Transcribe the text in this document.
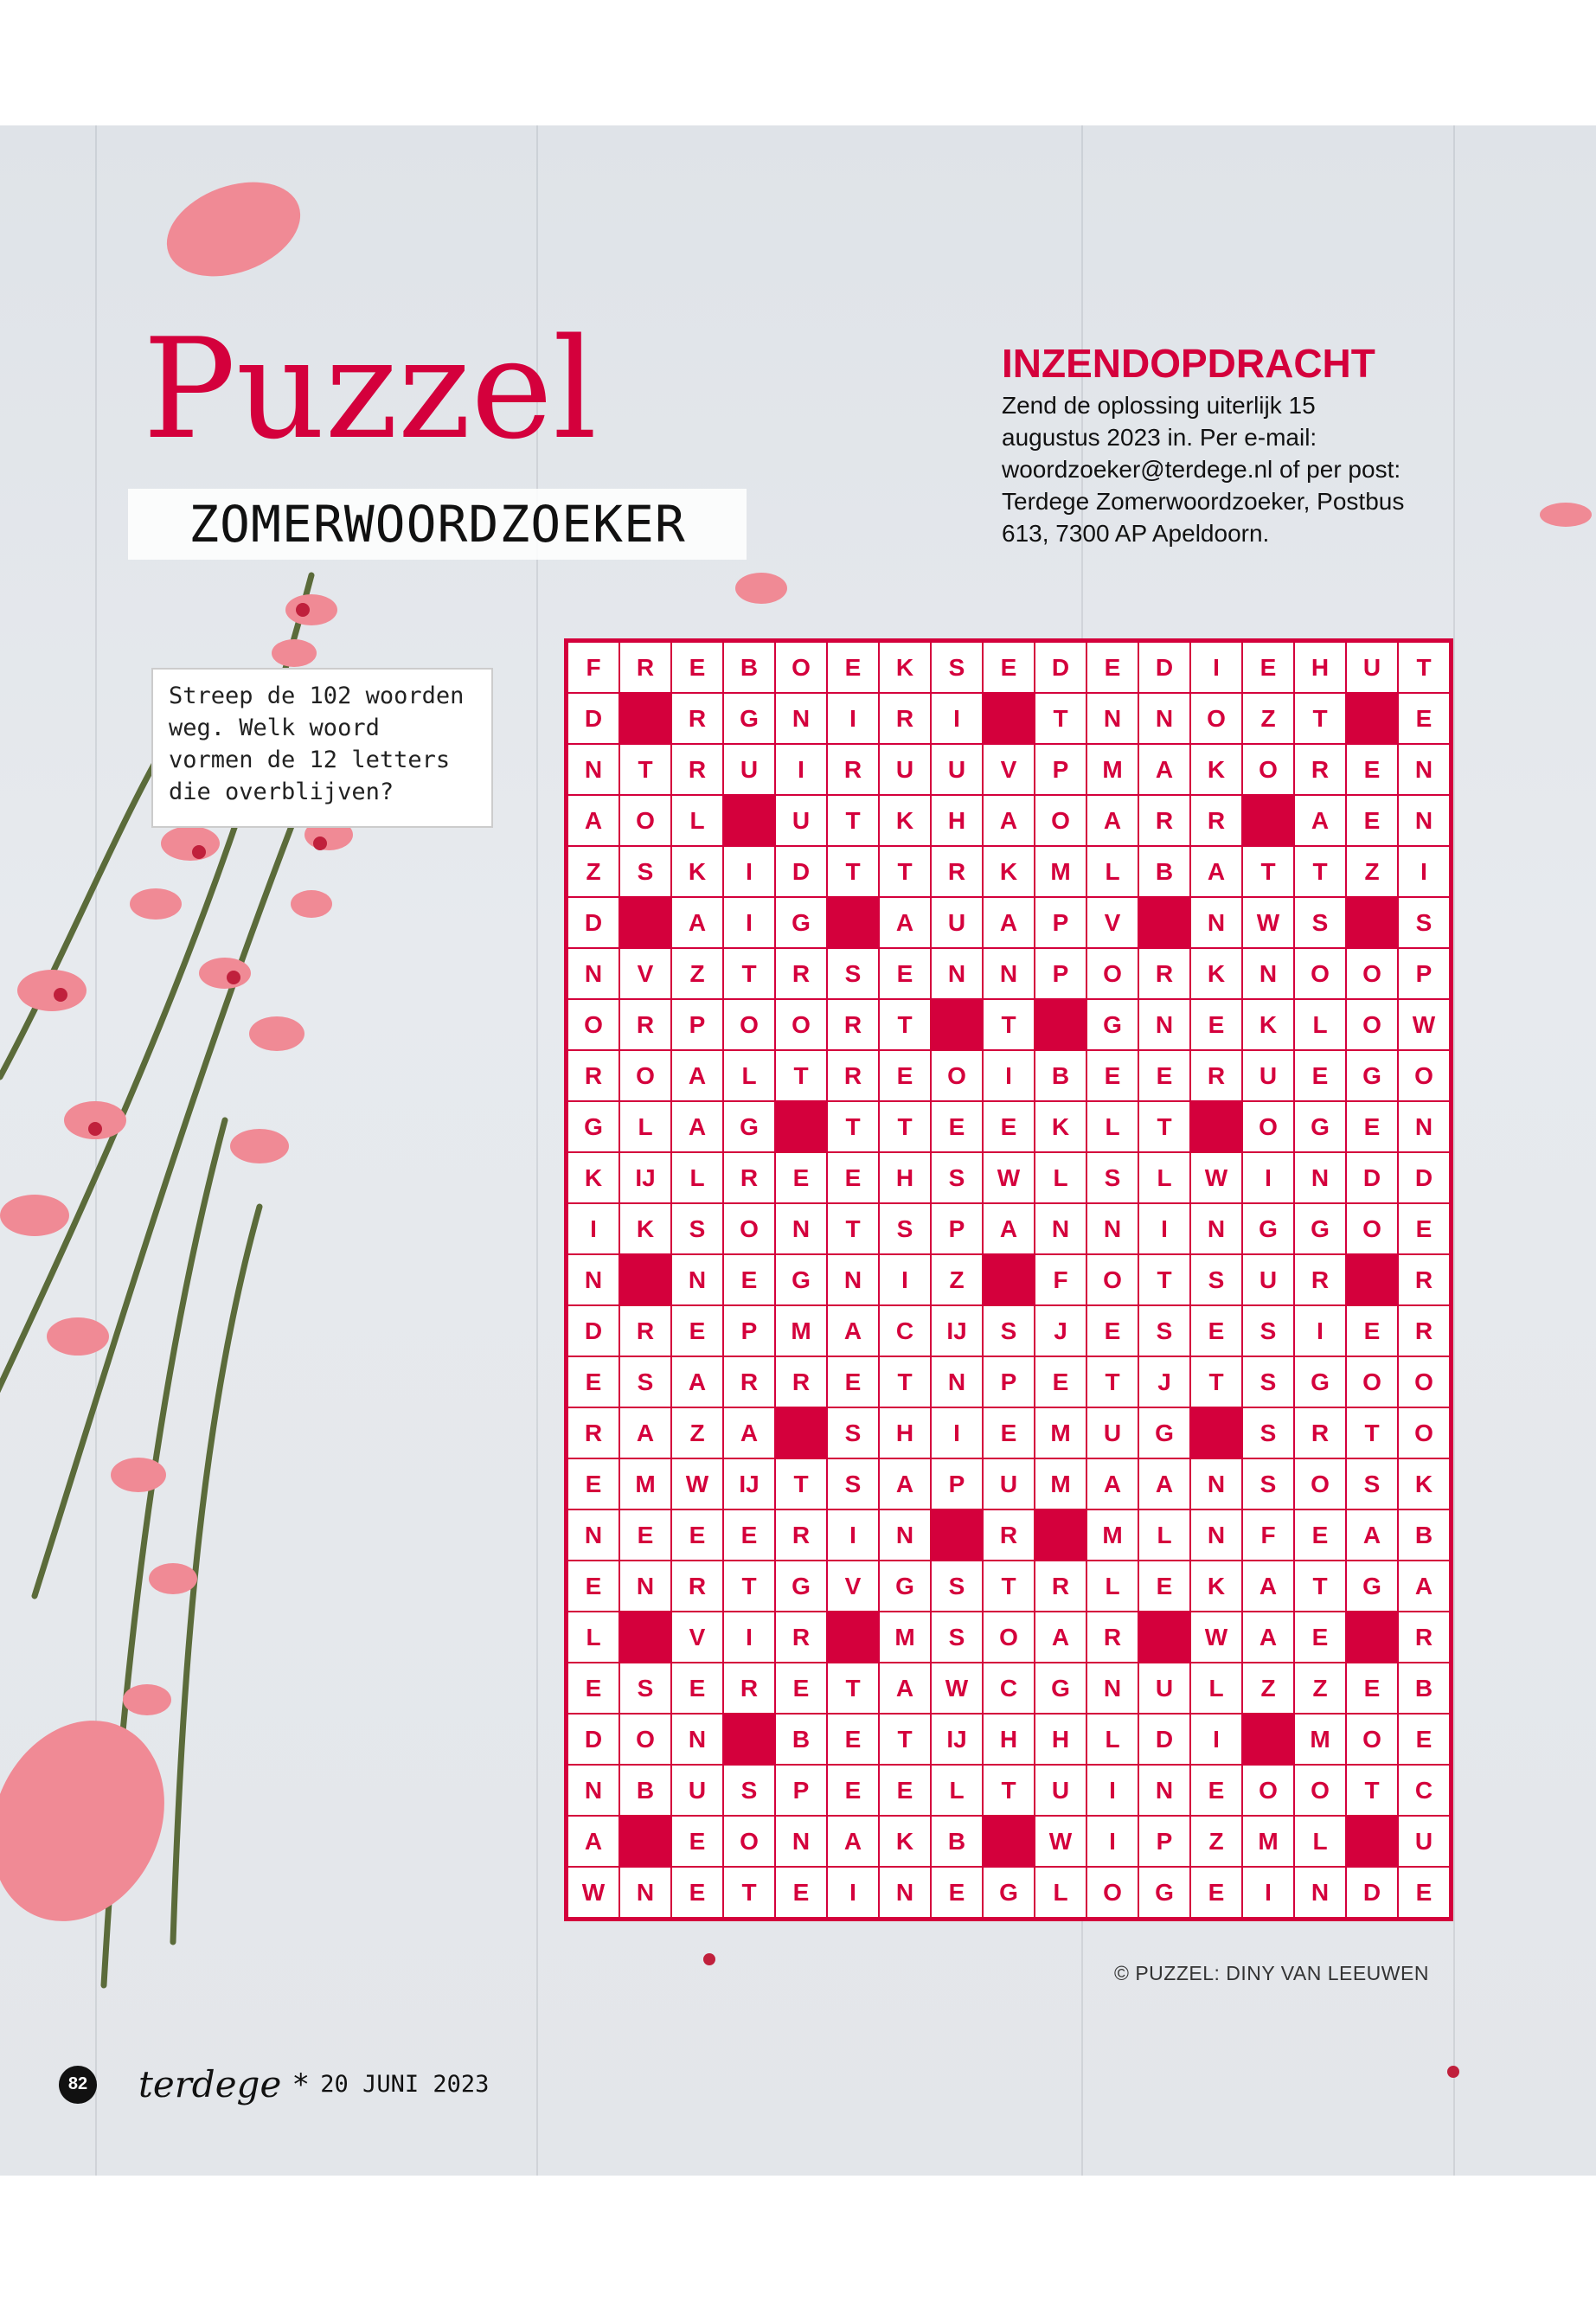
Puzzel
ZOMERWOORDZOEKER
Streep de 102 woorden weg. Welk woord vormen de 12 letters die overblijven?
INZENDOPDRACHT
Zend de oplossing uiterlijk 15 augustus 2023 in. Per e-mail: woordzoeker@terdege.nl of per post: Terdege Zomerwoordzoeker, Postbus 613, 7300 AP Apeldoorn.
F	R	E	B	O	E	K	S	E	D	E	D	I	E	H	U	T
D		R	G	N	I	R	I		T	N	N	O	Z	T		E
N	T	R	U	I	R	U	U	V	P	M	A	K	O	R	E	N
A	O	L		U	T	K	H	A	O	A	R	R		A	E	N
Z	S	K	I	D	T	T	R	K	M	L	B	A	T	T	Z	I
D		A	I	G		A	U	A	P	V		N	W	S		S
N	V	Z	T	R	S	E	N	N	P	O	R	K	N	O	O	P
O	R	P	O	O	R	T		T		G	N	E	K	L	O	W
R	O	A	L	T	R	E	O	I	B	E	E	R	U	E	G	O
G	L	A	G		T	T	E	E	K	L	T		O	G	E	N
K	IJ	L	R	E	E	H	S	W	L	S	L	W	I	N	D	D
I	K	S	O	N	T	S	P	A	N	N	I	N	G	G	O	E
N		N	E	G	N	I	Z		F	O	T	S	U	R		R
D	R	E	P	M	A	C	IJ	S	J	E	S	E	S	I	E	R
E	S	A	R	R	E	T	N	P	E	T	J	T	S	G	O	O
R	A	Z	A		S	H	I	E	M	U	G		S	R	T	O
E	M	W	IJ	T	S	A	P	U	M	A	A	N	S	O	S	K
N	E	E	E	R	I	N		R		M	L	N	F	E	A	B
E	N	R	T	G	V	G	S	T	R	L	E	K	A	T	G	A
L		V	I	R		M	S	O	A	R		W	A	E		R
E	S	E	R	E	T	A	W	C	G	N	U	L	Z	Z	E	B
D	O	N		B	E	T	IJ	H	H	L	D	I		M	O	E
N	B	U	S	P	E	E	L	T	U	I	N	E	O	O	T	C
A		E	O	N	A	K	B		W	I	P	Z	M	L		U
W	N	E	T	E	I	N	E	G	L	O	G	E	I	N	D	E
© PUZZEL: DINY VAN LEEUWEN
82 terdege * 20 JUNI 2023
